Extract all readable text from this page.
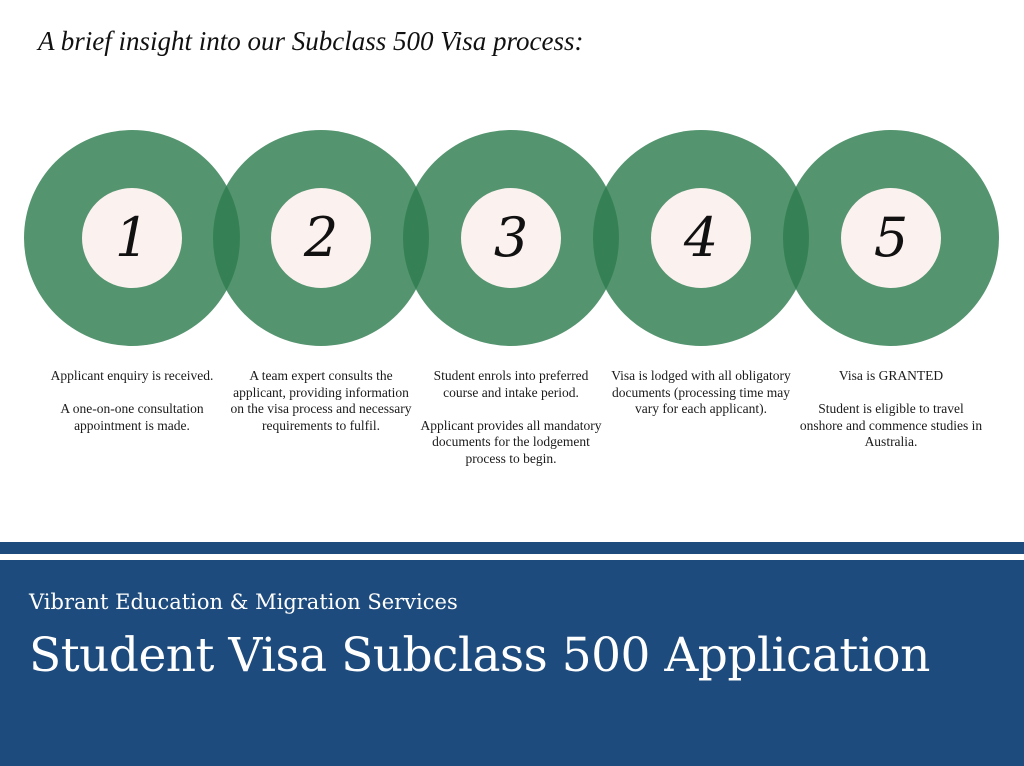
A brief insight into our Subclass 500 Visa process:
1	2	3	4	5

Applicant enquiry is received.

A one-on-one consultation appointment is made.

A team expert consults the applicant, providing information on the visa process and necessary requirements to fulfil.

Student enrols into preferred course and intake period.

Applicant provides all mandatory documents for the lodgement process to begin.

Visa is lodged with all obligatory documents (processing time may vary for each applicant).

Visa is GRANTED

Student is eligible to travel onshore and commence studies in Australia.

Vibrant Education & Migration Services
Student Visa Subclass 500 Application
